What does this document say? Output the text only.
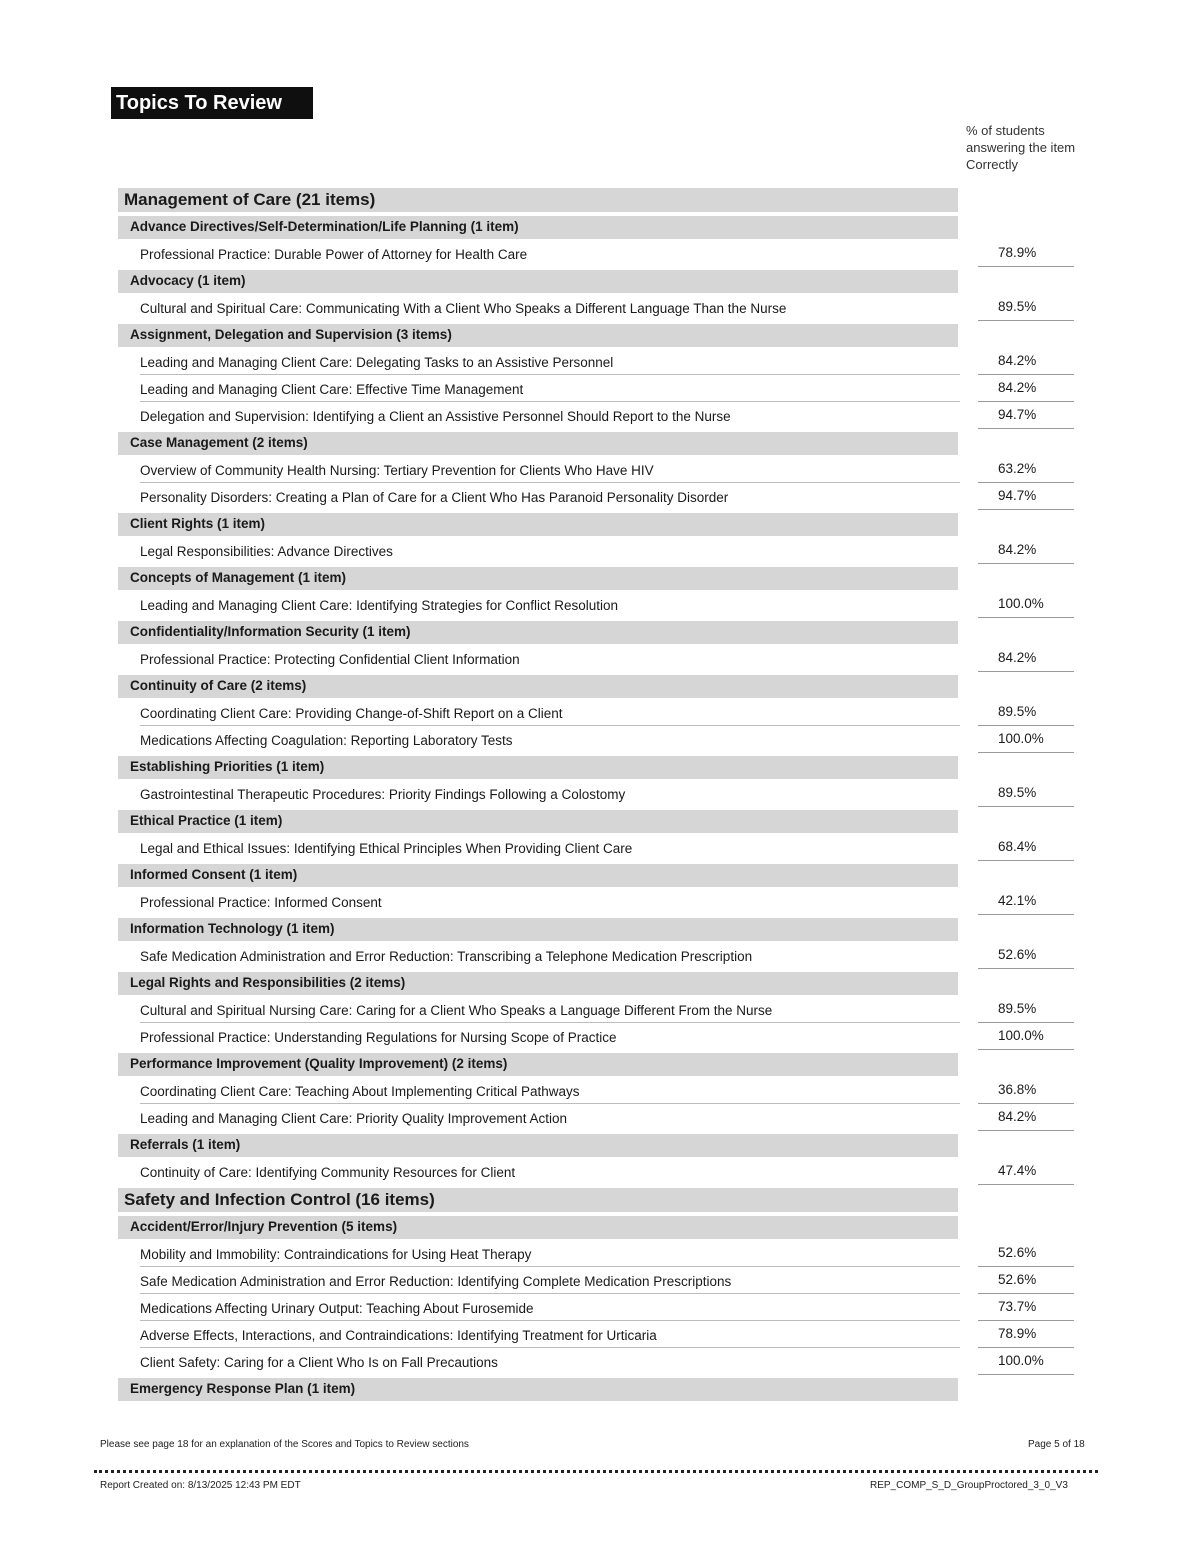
Topics To Review
% of students answering the item Correctly
Management of Care (21 items)
Advance Directives/Self-Determination/Life Planning (1 item)
Professional Practice: Durable Power of Attorney for Health Care	78.9%
Advocacy (1 item)
Cultural and Spiritual Care: Communicating With a Client Who Speaks a Different Language Than the Nurse	89.5%
Assignment, Delegation and Supervision (3 items)
Leading and Managing Client Care: Delegating Tasks to an Assistive Personnel	84.2%
Leading and Managing Client Care: Effective Time Management	84.2%
Delegation and Supervision: Identifying a Client an Assistive Personnel Should Report to the Nurse	94.7%
Case Management (2 items)
Overview of Community Health Nursing: Tertiary Prevention for Clients Who Have HIV	63.2%
Personality Disorders: Creating a Plan of Care for a Client Who Has Paranoid Personality Disorder	94.7%
Client Rights (1 item)
Legal Responsibilities: Advance Directives	84.2%
Concepts of Management (1 item)
Leading and Managing Client Care: Identifying Strategies for Conflict Resolution	100.0%
Confidentiality/Information Security (1 item)
Professional Practice: Protecting Confidential Client Information	84.2%
Continuity of Care (2 items)
Coordinating Client Care: Providing Change-of-Shift Report on a Client	89.5%
Medications Affecting Coagulation: Reporting Laboratory Tests	100.0%
Establishing Priorities (1 item)
Gastrointestinal Therapeutic Procedures: Priority Findings Following a Colostomy	89.5%
Ethical Practice (1 item)
Legal and Ethical Issues: Identifying Ethical Principles When Providing Client Care	68.4%
Informed Consent (1 item)
Professional Practice: Informed Consent	42.1%
Information Technology (1 item)
Safe Medication Administration and Error Reduction: Transcribing a Telephone Medication Prescription	52.6%
Legal Rights and Responsibilities (2 items)
Cultural and Spiritual Nursing Care: Caring for a Client Who Speaks a Language Different From the Nurse	89.5%
Professional Practice: Understanding Regulations for Nursing Scope of Practice	100.0%
Performance Improvement (Quality Improvement) (2 items)
Coordinating Client Care: Teaching About Implementing Critical Pathways	36.8%
Leading and Managing Client Care: Priority Quality Improvement Action	84.2%
Referrals (1 item)
Continuity of Care: Identifying Community Resources for Client	47.4%
Safety and Infection Control (16 items)
Accident/Error/Injury Prevention (5 items)
Mobility and Immobility: Contraindications for Using Heat Therapy	52.6%
Safe Medication Administration and Error Reduction: Identifying Complete Medication Prescriptions	52.6%
Medications Affecting Urinary Output: Teaching About Furosemide	73.7%
Adverse Effects, Interactions, and Contraindications: Identifying Treatment for Urticaria	78.9%
Client Safety: Caring for a Client Who Is on Fall Precautions	100.0%
Emergency Response Plan (1 item)
Please see page 18 for an explanation of the Scores and Topics to Review sections	Page 5 of 18
Report Created on: 8/13/2025 12:43 PM EDT	REP_COMP_S_D_GroupProctored_3_0_V3
